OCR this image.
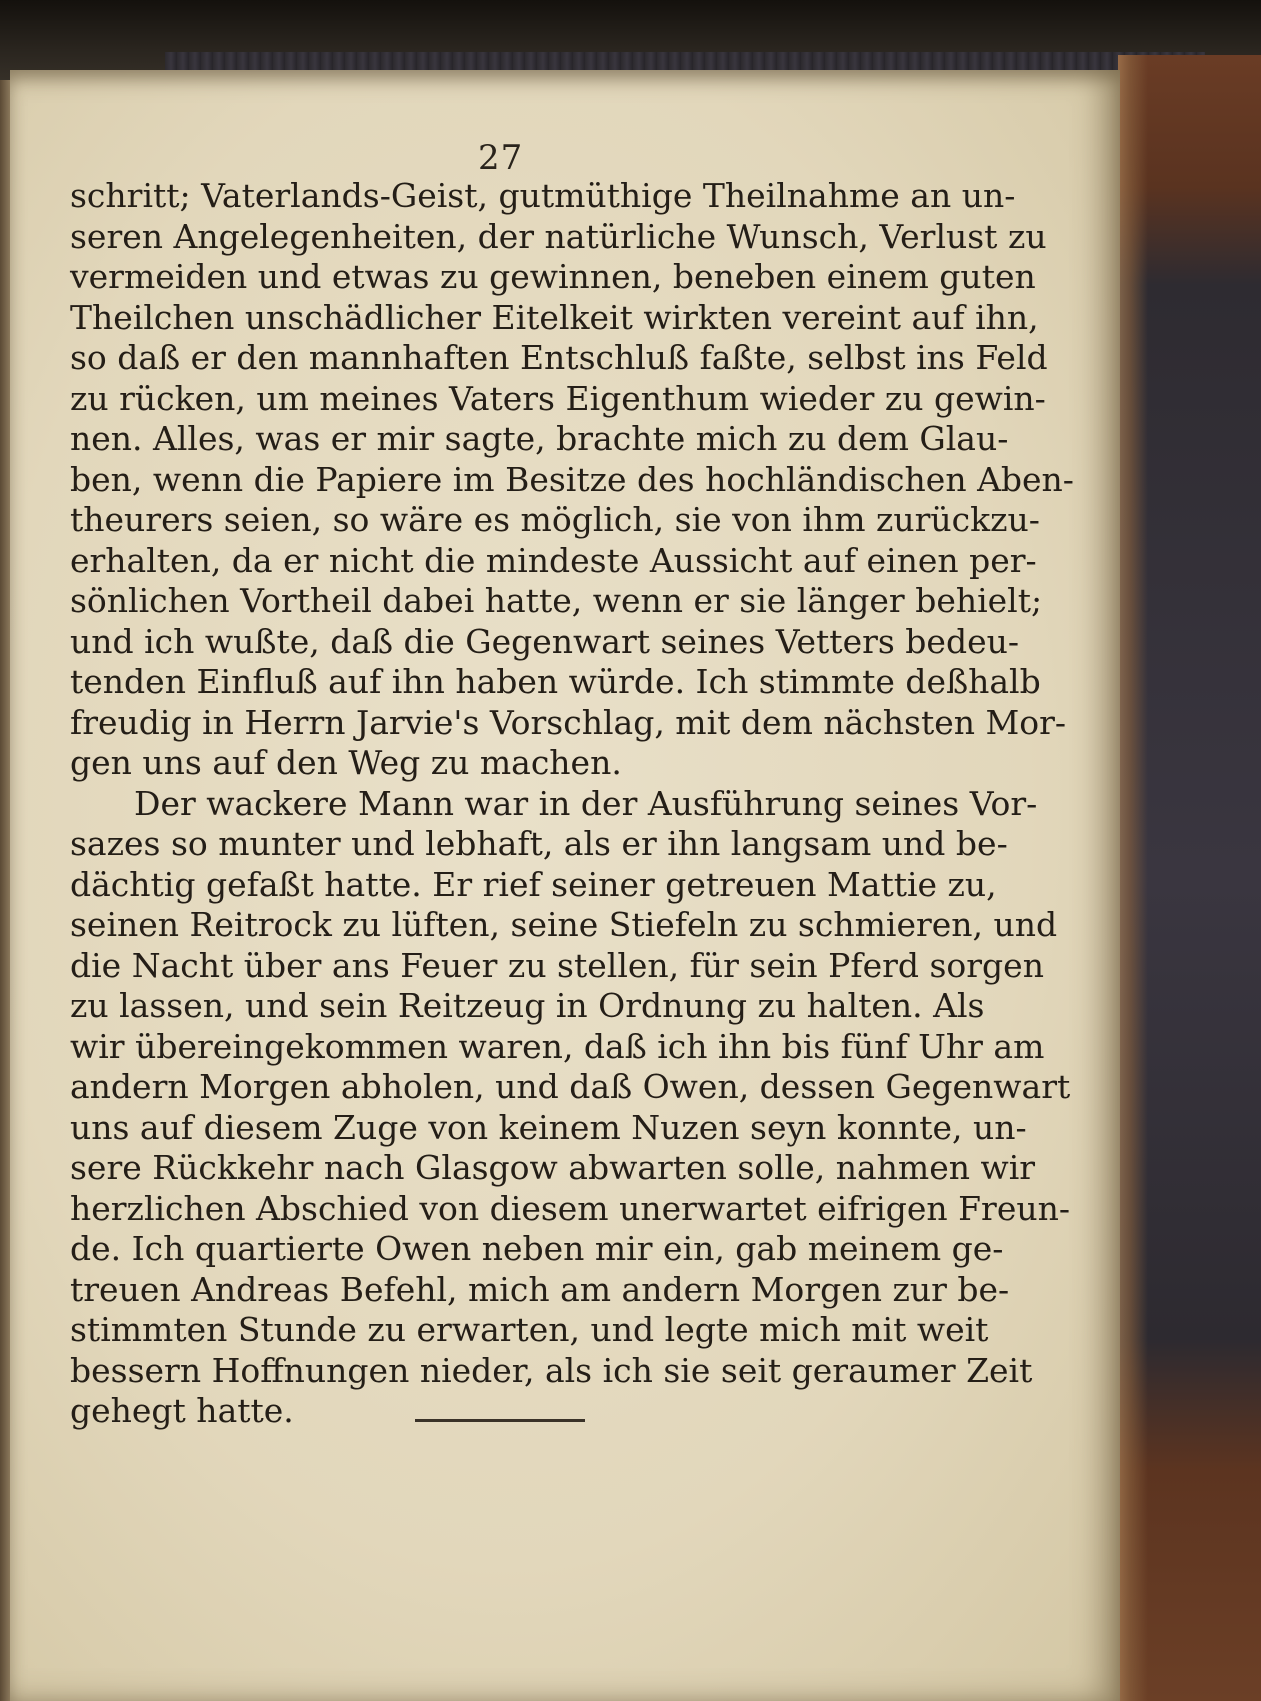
27
schritt; Vaterlands-Geist, gutmüthige Theilnahme an un-
seren Angelegenheiten, der natürliche Wunsch, Verlust zu
vermeiden und etwas zu gewinnen, beneben einem guten
Theilchen unschädlicher Eitelkeit wirkten vereint auf ihn,
so daß er den mannhaften Entschluß faßte, selbst ins Feld
zu rücken, um meines Vaters Eigenthum wieder zu gewin-
nen. Alles, was er mir sagte, brachte mich zu dem Glau-
ben, wenn die Papiere im Besitze des hochländischen Aben-
theurers seien, so wäre es möglich, sie von ihm zurückzu-
erhalten, da er nicht die mindeste Aussicht auf einen per-
sönlichen Vortheil dabei hatte, wenn er sie länger behielt;
und ich wußte, daß die Gegenwart seines Vetters bedeu-
tenden Einfluß auf ihn haben würde. Ich stimmte deßhalb
freudig in Herrn Jarvie's Vorschlag, mit dem nächsten Mor-
gen uns auf den Weg zu machen.
Der wackere Mann war in der Ausführung seines Vor-
sazes so munter und lebhaft, als er ihn langsam und be-
dächtig gefaßt hatte. Er rief seiner getreuen Mattie zu,
seinen Reitrock zu lüften, seine Stiefeln zu schmieren, und
die Nacht über ans Feuer zu stellen, für sein Pferd sorgen
zu lassen, und sein Reitzeug in Ordnung zu halten. Als
wir übereingekommen waren, daß ich ihn bis fünf Uhr am
andern Morgen abholen, und daß Owen, dessen Gegenwart
uns auf diesem Zuge von keinem Nuzen seyn konnte, un-
sere Rückkehr nach Glasgow abwarten solle, nahmen wir
herzlichen Abschied von diesem unerwartet eifrigen Freun-
de. Ich quartierte Owen neben mir ein, gab meinem ge-
treuen Andreas Befehl, mich am andern Morgen zur be-
stimmten Stunde zu erwarten, und legte mich mit weit
bessern Hoffnungen nieder, als ich sie seit geraumer Zeit
gehegt hatte.
